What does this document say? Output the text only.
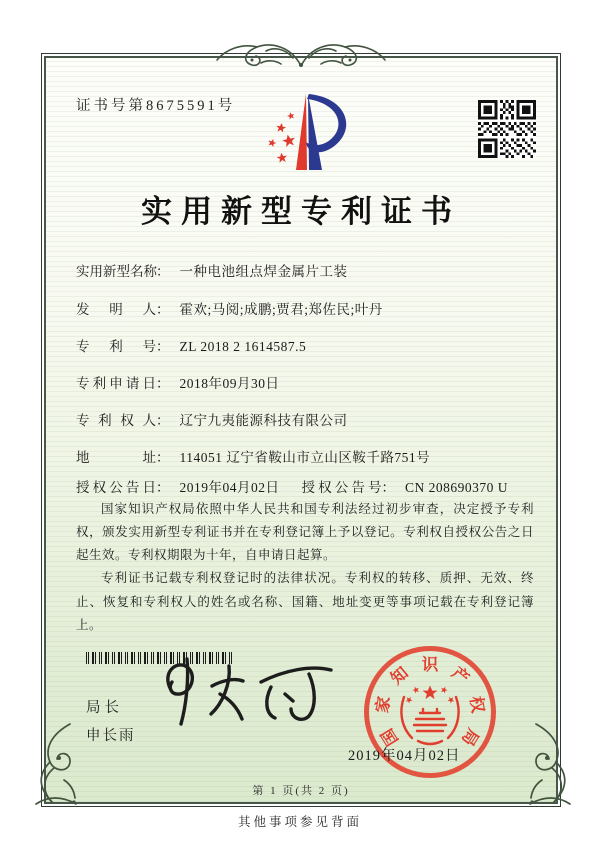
证书号第8675591号
实用新型专利证书
实用新型名称： 一种电池组点焊金属片工装
发明人： 霍欢;马阅;成鹏;贾君;郑佐民;叶丹
专利号： ZL 2018 2 1614587.5
专利申请日： 2018年09月30日
专利权人： 辽宁九夷能源科技有限公司
地址： 114051 辽宁省鞍山市立山区鞍千路751号
授权公告日： 2019年04月02日 授权公告号： CN 208690370 U

国家知识产权局依照中华人民共和国专利法经过初步审查，决定授予专利权，颁发实用新型专利证书并在专利登记簿上予以登记。专利权自授权公告之日起生效。专利权期限为十年，自申请日起算。

专利证书记载专利权登记时的法律状况。专利权的转移、质押、无效、终止、恢复和专利权人的姓名或名称、国籍、地址变更等事项记载在专利登记簿上。

局长
申长雨	国
家
知 识 产
权
局
2019年04月02日
第 1 页(共 2 页)
其他事项参见背面
